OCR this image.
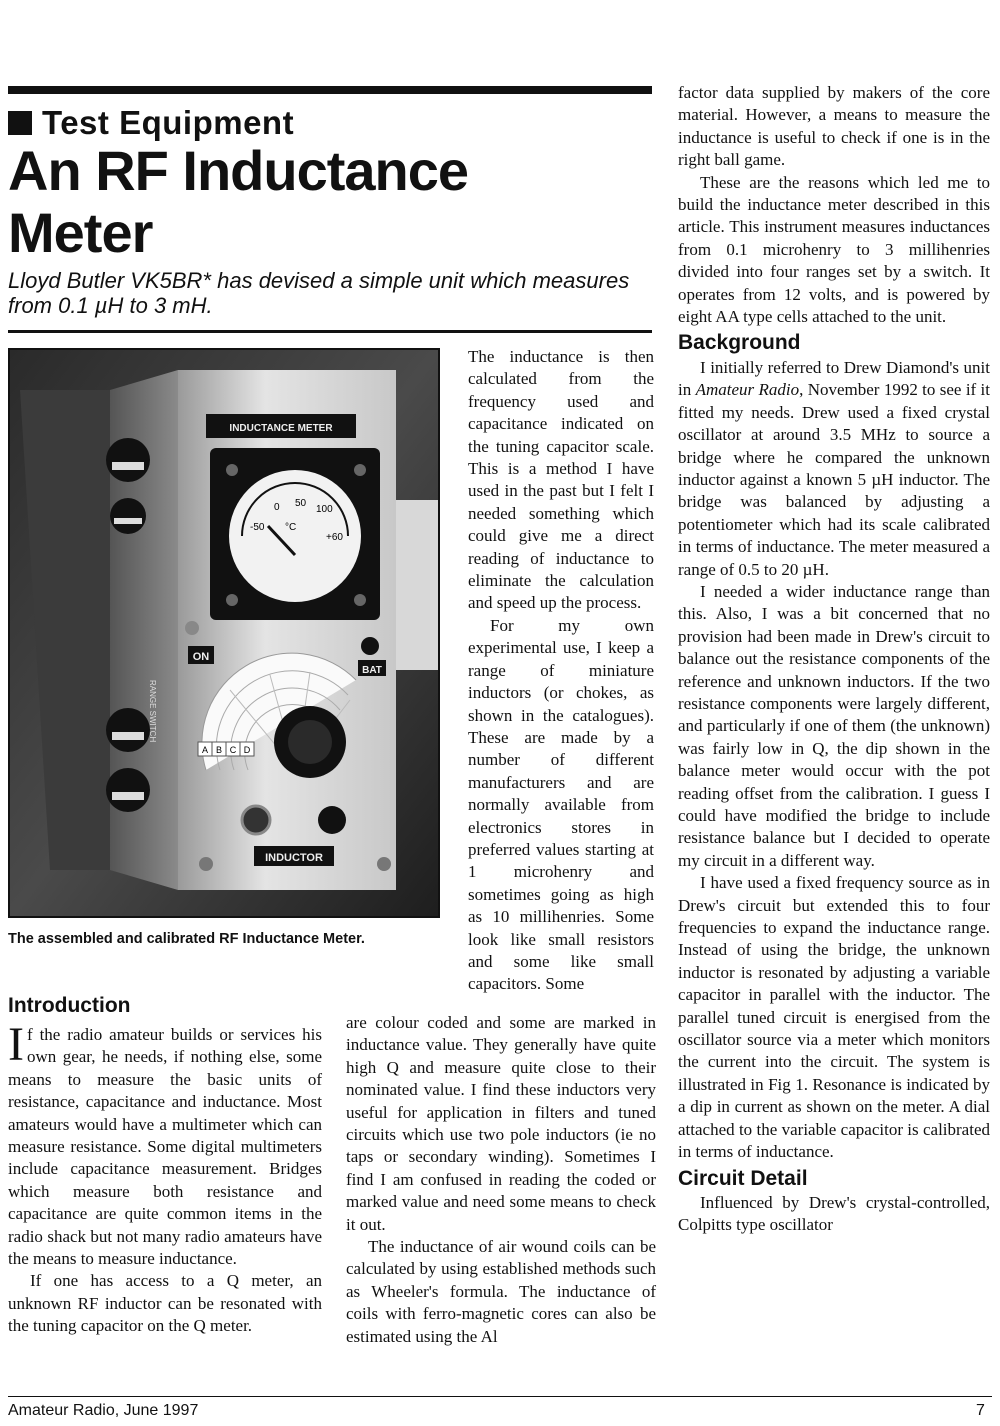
Test Equipment
An RF Inductance
Meter
Lloyd Butler VK5BR* has devised a simple unit which measures from 0.1 µH to 3 mH.
INDUCTANCE METER
0 50
100
-50 °C
+60
ON
BAT
A B C D
RANGE SWITCH
INDUCTOR
The assembled and calibrated RF Inductance Meter.
Introduction

If the radio amateur builds or services his own gear, he needs, if nothing else, some means to measure the basic units of resistance, capacitance and inductance. Most amateurs would have a multimeter which can measure resistance. Some digital multimeters include capacitance measurement. Bridges which measure both resistance and capacitance are quite common items in the radio shack but not many radio amateurs have the means to measure inductance.

If one has access to a Q meter, an unknown RF inductor can be resonated with the tuning capacitor on the Q meter.

The inductance is then calculated from the frequency used and capacitance indicated on the tuning capacitor scale. This is a method I have used in the past but I felt I needed something which could give me a direct reading of inductance to eliminate the calculation and speed up the process.

For my own experimental use, I keep a range of miniature inductors (or chokes, as shown in the catalogues). These are made by a number of different manufacturers and are normally available from electronics stores in preferred values starting at 1 microhenry and sometimes going as high as 10 millihenries. Some look like small resistors and some like small capacitors. Some

are colour coded and some are marked in inductance value. They generally have quite high Q and measure quite close to their nominated value. I find these inductors very useful for application in filters and tuned circuits which use two pole inductors (ie no taps or secondary winding). Sometimes I find I am confused in reading the coded or marked value and need some means to check it out.

The inductance of air wound coils can be calculated by using established methods such as Wheeler's formula. The inductance of coils with ferro-magnetic cores can also be estimated using the Al

factor data supplied by makers of the core material. However, a means to measure the inductance is useful to check if one is in the right ball game.

These are the reasons which led me to build the inductance meter described in this article. This instrument measures inductances from 0.1 microhenry to 3 millihenries divided into four ranges set by a switch. It operates from 12 volts, and is powered by eight AA type cells attached to the unit.

Background

I initially referred to Drew Diamond's unit in Amateur Radio, November 1992 to see if it fitted my needs. Drew used a fixed crystal oscillator at around 3.5 MHz to source a bridge where he compared the unknown inductor against a known 5 µH inductor. The bridge was balanced by adjusting a potentiometer which had its scale calibrated in terms of inductance. The meter measured a range of 0.5 to 20 µH.

I needed a wider inductance range than this. Also, I was a bit concerned that no provision had been made in Drew's circuit to balance out the resistance components of the reference and unknown inductors. If the two resistance components were largely different, and particularly if one of them (the unknown) was fairly low in Q, the dip shown in the balance meter would occur with the pot reading offset from the calibration. I guess I could have modified the bridge to include resistance balance but I decided to operate my circuit in a different way.

I have used a fixed frequency source as in Drew's circuit but extended this to four frequencies to expand the inductance range. Instead of using the bridge, the unknown inductor is resonated by adjusting a variable capacitor in parallel with the inductor. The parallel tuned circuit is energised from the oscillator source via a meter which monitors the current into the circuit. The system is illustrated in Fig 1. Resonance is indicated by a dip in current as shown on the meter. A dial attached to the variable capacitor is calibrated in terms of inductance.

Circuit Detail

Influenced by Drew's crystal-controlled, Colpitts type oscillator

Amateur Radio, June 1997	7
